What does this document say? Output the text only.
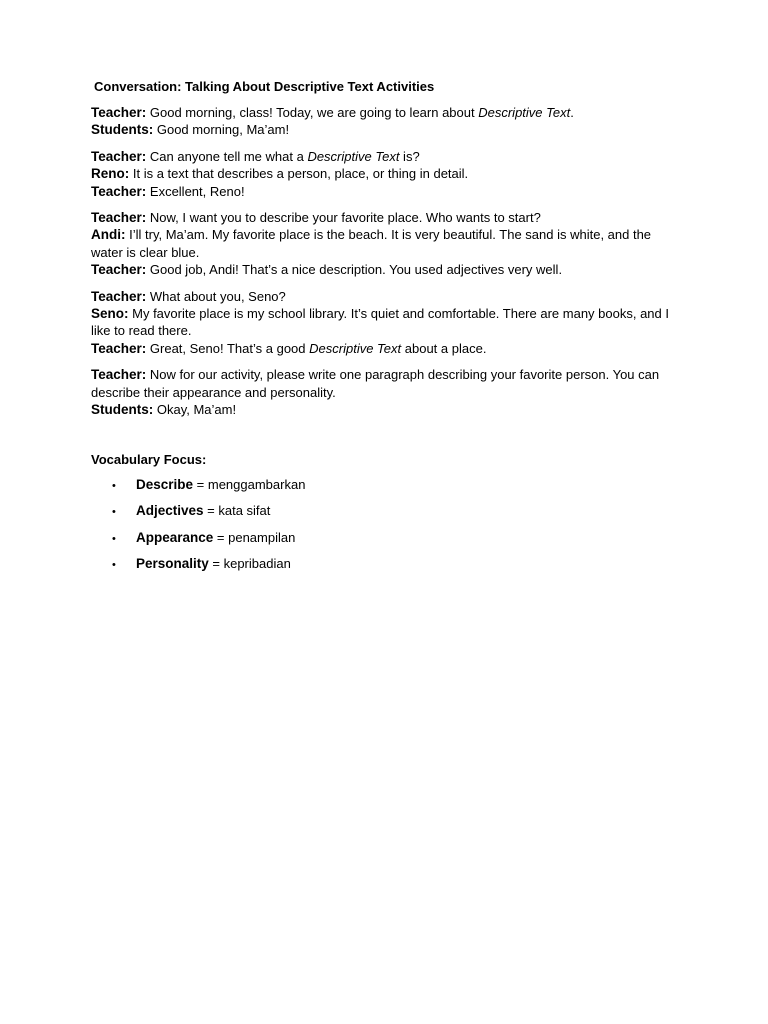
Conversation: Talking About Descriptive Text Activities
Teacher: Good morning, class! Today, we are going to learn about Descriptive Text.
Students: Good morning, Ma’am!
Teacher: Can anyone tell me what a Descriptive Text is?
Reno: It is a text that describes a person, place, or thing in detail.
Teacher: Excellent, Reno!
Teacher: Now, I want you to describe your favorite place. Who wants to start?
Andi: I’ll try, Ma’am. My favorite place is the beach. It is very beautiful. The sand is white, and the water is clear blue.
Teacher: Good job, Andi! That’s a nice description. You used adjectives very well.
Teacher: What about you, Seno?
Seno: My favorite place is my school library. It’s quiet and comfortable. There are many books, and I like to read there.
Teacher: Great, Seno! That’s a good Descriptive Text about a place.
Teacher: Now for our activity, please write one paragraph describing your favorite person. You can describe their appearance and personality.
Students: Okay, Ma’am!
Vocabulary Focus:
• Describe = menggambarkan
• Adjectives = kata sifat
• Appearance = penampilan
• Personality = kepribadian
